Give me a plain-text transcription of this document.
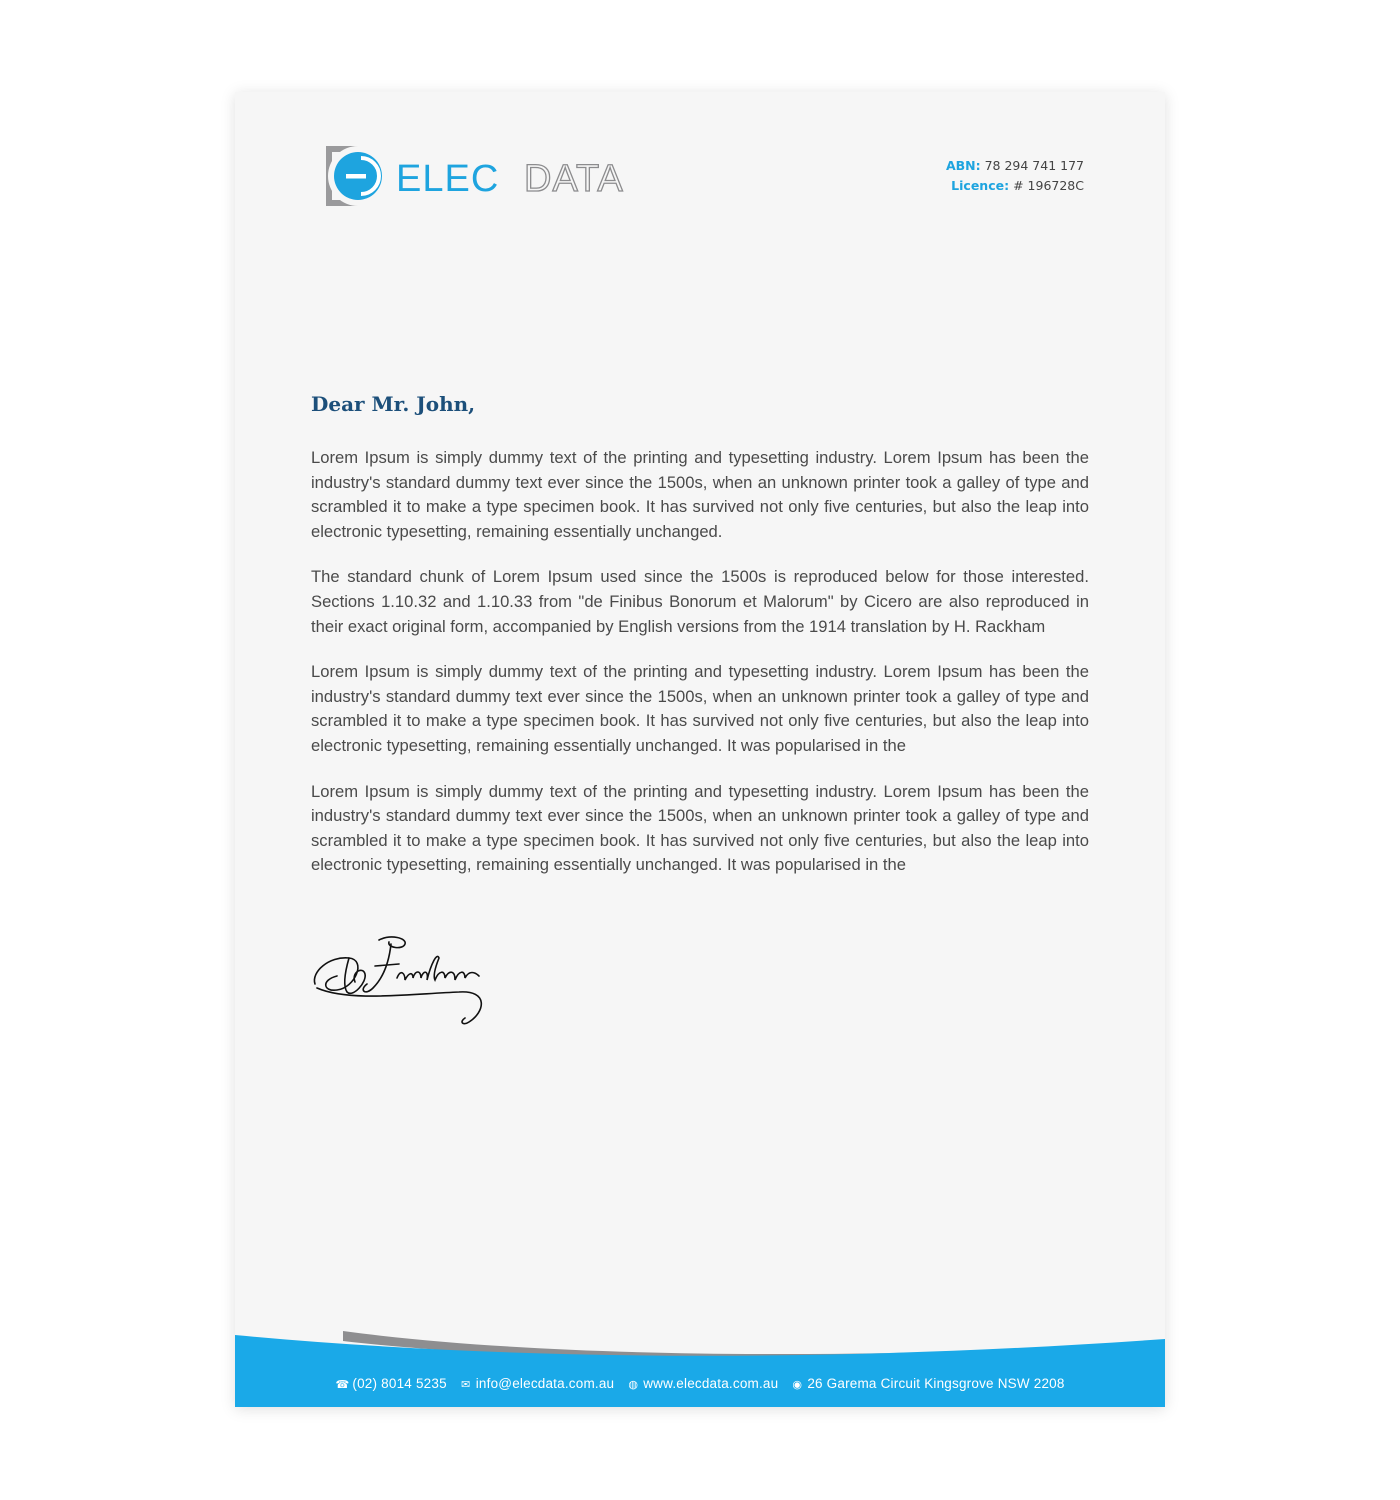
ELEC DATA	ABN: 78 294 741 177
Licence: # 196728C
Dear Mr. John,

Lorem Ipsum is simply dummy text of the printing and typesetting industry. Lorem Ipsum has been the industry's standard dummy text ever since the 1500s, when an unknown printer took a galley of type and scrambled it to make a type specimen book. It has survived not only five centuries, but also the leap into electronic typesetting, remaining essentially unchanged.

The standard chunk of Lorem Ipsum used since the 1500s is reproduced below for those interested. Sections 1.10.32 and 1.10.33 from "de Finibus Bonorum et Malorum" by Cicero are also reproduced in their exact original form, accompanied by English versions from the 1914 translation by H. Rackham

Lorem Ipsum is simply dummy text of the printing and typesetting industry. Lorem Ipsum has been the industry's standard dummy text ever since the 1500s, when an unknown printer took a galley of type and scrambled it to make a type specimen book. It has survived not only five centuries, but also the leap into electronic typesetting, remaining essentially unchanged. It was popularised in the

Lorem Ipsum is simply dummy text of the printing and typesetting industry. Lorem Ipsum has been the industry's standard dummy text ever since the 1500s, when an unknown printer took a galley of type and scrambled it to make a type specimen book. It has survived not only five centuries, but also the leap into electronic typesetting, remaining essentially unchanged. It was popularised in the

☎ (02) 8014 5235 ✉ info@elecdata.com.au ◍ www.elecdata.com.au ◉ 26 Garema Circuit Kingsgrove NSW 2208
